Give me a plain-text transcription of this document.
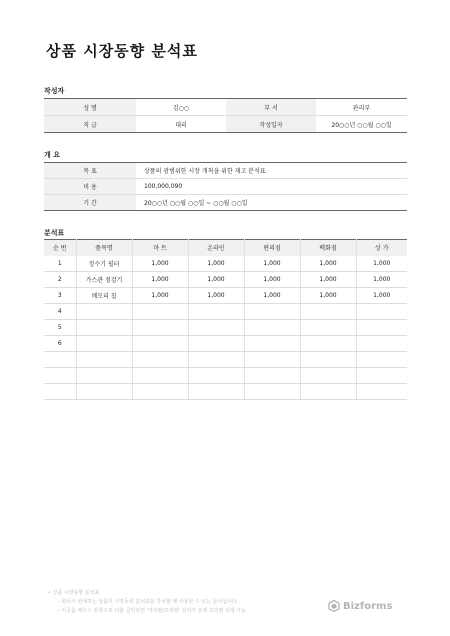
상품 시장동향 분석표
작성자
성 명	김○○	부 서	관리부
직 급	대리	작성일자	20○○년 ○○월 ○○일
개 요
목 표	상품의 광범위한 시장 개척을 위한 재고 분석표
비 용	100,000,090
기 간	20○○년 ○○월 ○○일 ~ ○○월 ○○일
분석표
순 번	품목명	마 트	온라인	편의점	백화점	상 가
1	정수기 필터	1,000	1,000	1,000	1,000	1,000
2	가스관 점검기	1,000	1,000	1,000	1,000	1,000
3	메모리 칩	1,000	1,000	1,000	1,000	1,000
4						
5						
6						

• 상품 시장동향 분석표
- 회사가 판매하는 상품의 시장동향 분석표를 작성할 때 사용할 수 있는 문서입니다.
- 이곳을 매우스 왼쪽으로 더블 클릭하면 '머리말/꼬리말' 상자가 뜬제 꼬리말 삭제 가능	Bizforms
